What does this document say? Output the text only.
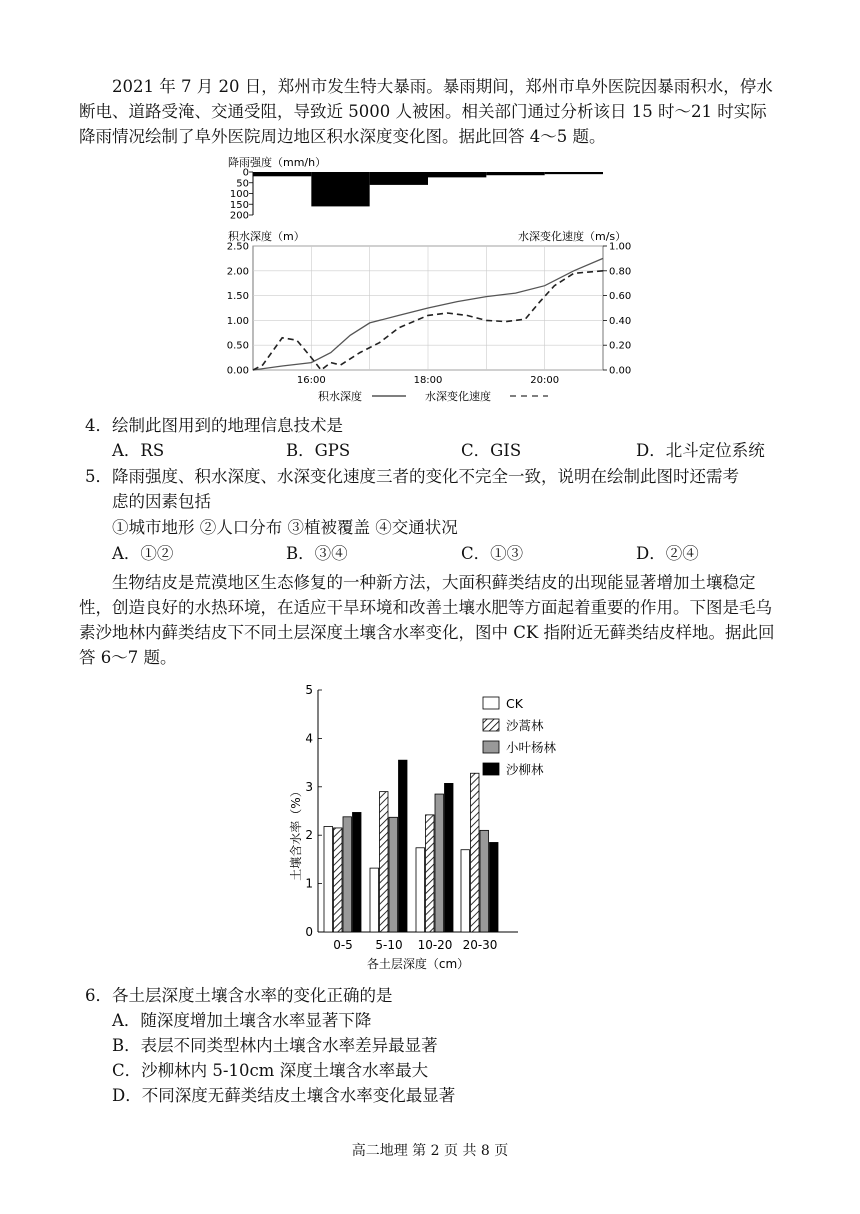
2021 年 7 月 20 日，郑州市发生特大暴雨。暴雨期间，郑州市阜外医院因暴雨积水，停水断电、道路受淹、交通受阻，导致近 5000 人被困。相关部门通过分析该日 15 时～21 时实际降雨情况绘制了阜外医院周边地区积水深度变化图。据此回答 4～5 题。

降雨强度（mm/h）
0
50
100
150
200
积水深度（m）	水深变化速度（m/s）
2.50
2.00
1.50
1.00
0.50
0.00
1.00
0.80
0.60
0.40
0.20
0.00
16:00	18:00	20:00
积水深度	水深变化速度
4．绘制此图用到的地理信息技术是
A．RS	B．GPS	C．GIS	D．北斗定位系统
5．降雨强度、积水深度、水深变化速度三者的变化不完全一致，说明在绘制此图时还需考
虑的因素包括
①城市地形 ②人口分布 ③植被覆盖 ④交通状况
A．①②	B．③④	C．①③	D．②④

生物结皮是荒漠地区生态修复的一种新方法，大面积藓类结皮的出现能显著增加土壤稳定性，创造良好的水热环境，在适应干旱环境和改善土壤水肥等方面起着重要的作用。下图是毛乌素沙地林内藓类结皮下不同土层深度土壤含水率变化，图中 CK 指附近无藓类结皮样地。据此回答 6～7 题。

0
1
2
3
4
5
土壤含水率（%）
0-5 5-10 10-20 20-30
各土层深度（cm）
CK
沙蒿林
小叶杨林
沙柳林
6．各土层深度土壤含水率的变化正确的是
A．随深度增加土壤含水率显著下降
B．表层不同类型林内土壤含水率差异最显著
C．沙柳林内 5-10cm 深度土壤含水率最大
D．不同深度无藓类结皮土壤含水率变化最显著
高二地理 第 2 页 共 8 页
